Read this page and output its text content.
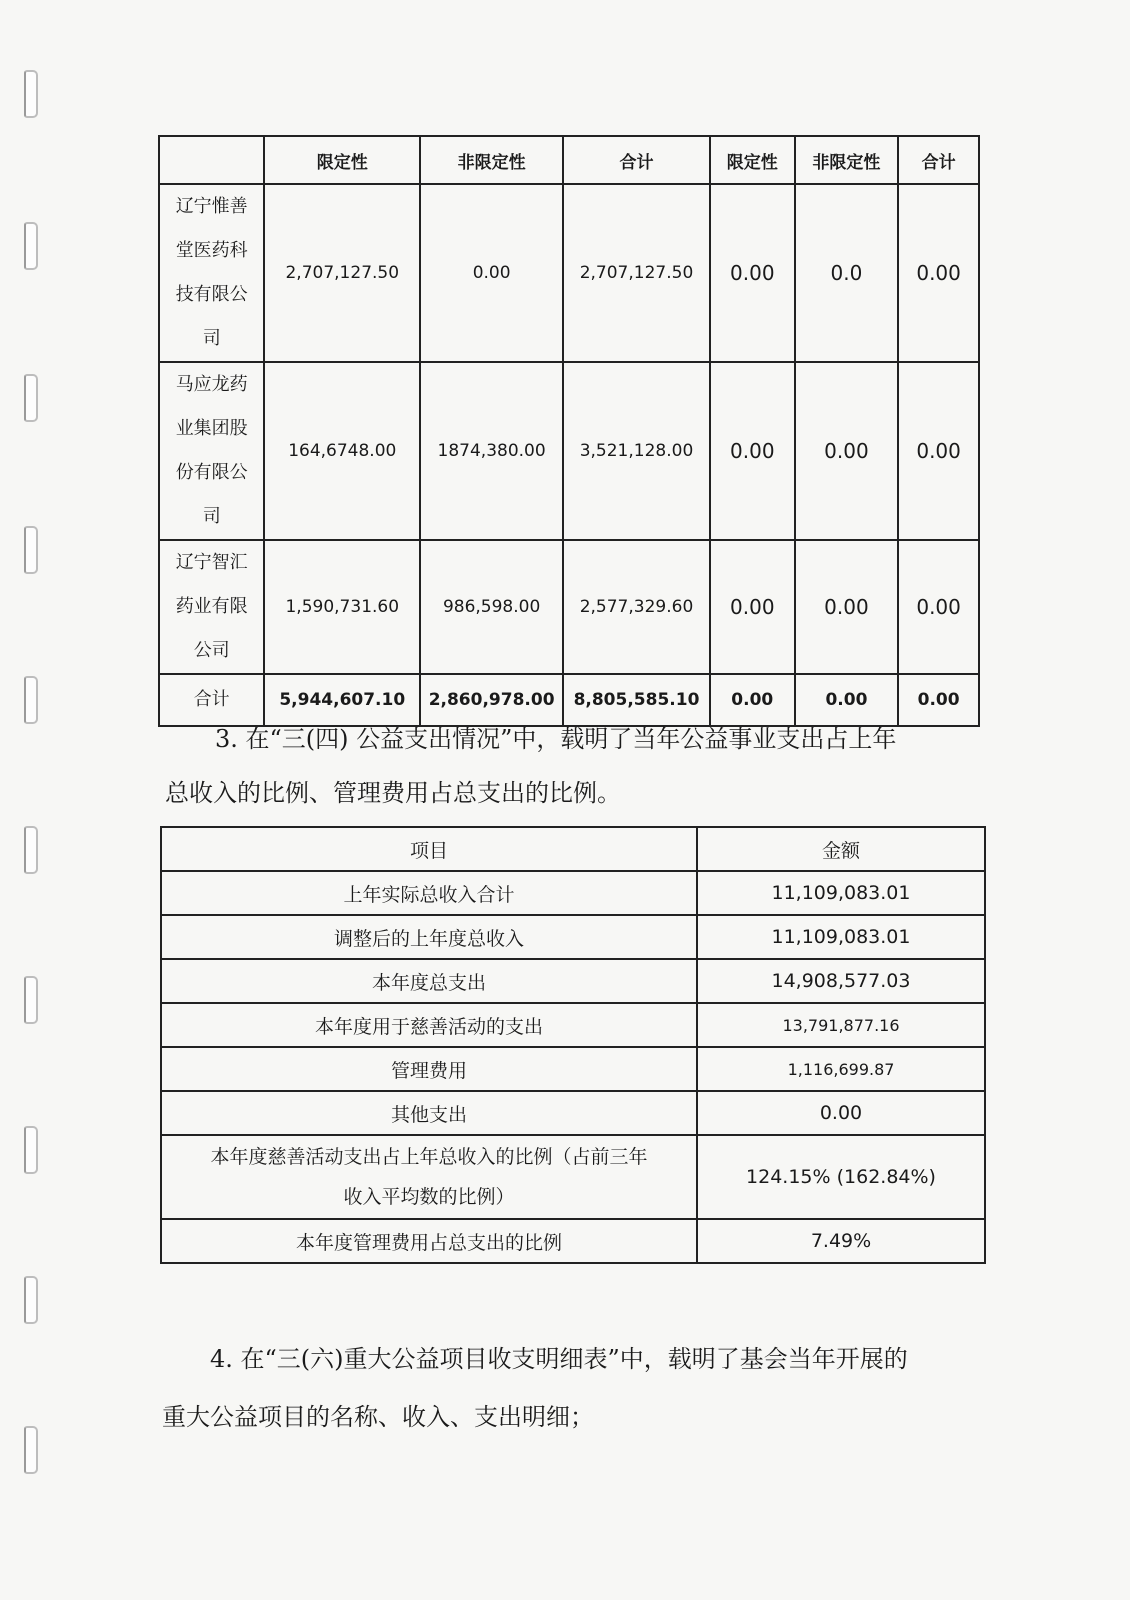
	限定性	非限定性	合计	限定性	非限定性	合计
辽宁惟善
堂医药科
技有限公
司	2,707,127.50	0.00	2,707,127.50	0.00	0.0	0.00
马应龙药
业集团股
份有限公
司	164,6748.00	1874,380.00	3,521,128.00	0.00	0.00	0.00
辽宁智汇
药业有限
公司	1,590,731.60	986,598.00	2,577,329.60	0.00	0.00	0.00
合计	5,944,607.10	2,860,978.00	8,805,585.10	0.00	0.00	0.00
3. 在“三(四) 公益支出情况”中，载明了当年公益事业支出占上年
总收入的比例、管理费用占总支出的比例。
项目	金额
上年实际总收入合计	11,109,083.01
调整后的上年度总收入	11,109,083.01
本年度总支出	14,908,577.03
本年度用于慈善活动的支出	13,791,877.16
管理费用	1,116,699.87
其他支出	0.00
本年度慈善活动支出占上年总收入的比例（占前三年
收入平均数的比例）	124.15% (162.84%)
本年度管理费用占总支出的比例	7.49%
4. 在“三(六)重大公益项目收支明细表”中，载明了基会当年开展的
重大公益项目的名称、收入、支出明细；
